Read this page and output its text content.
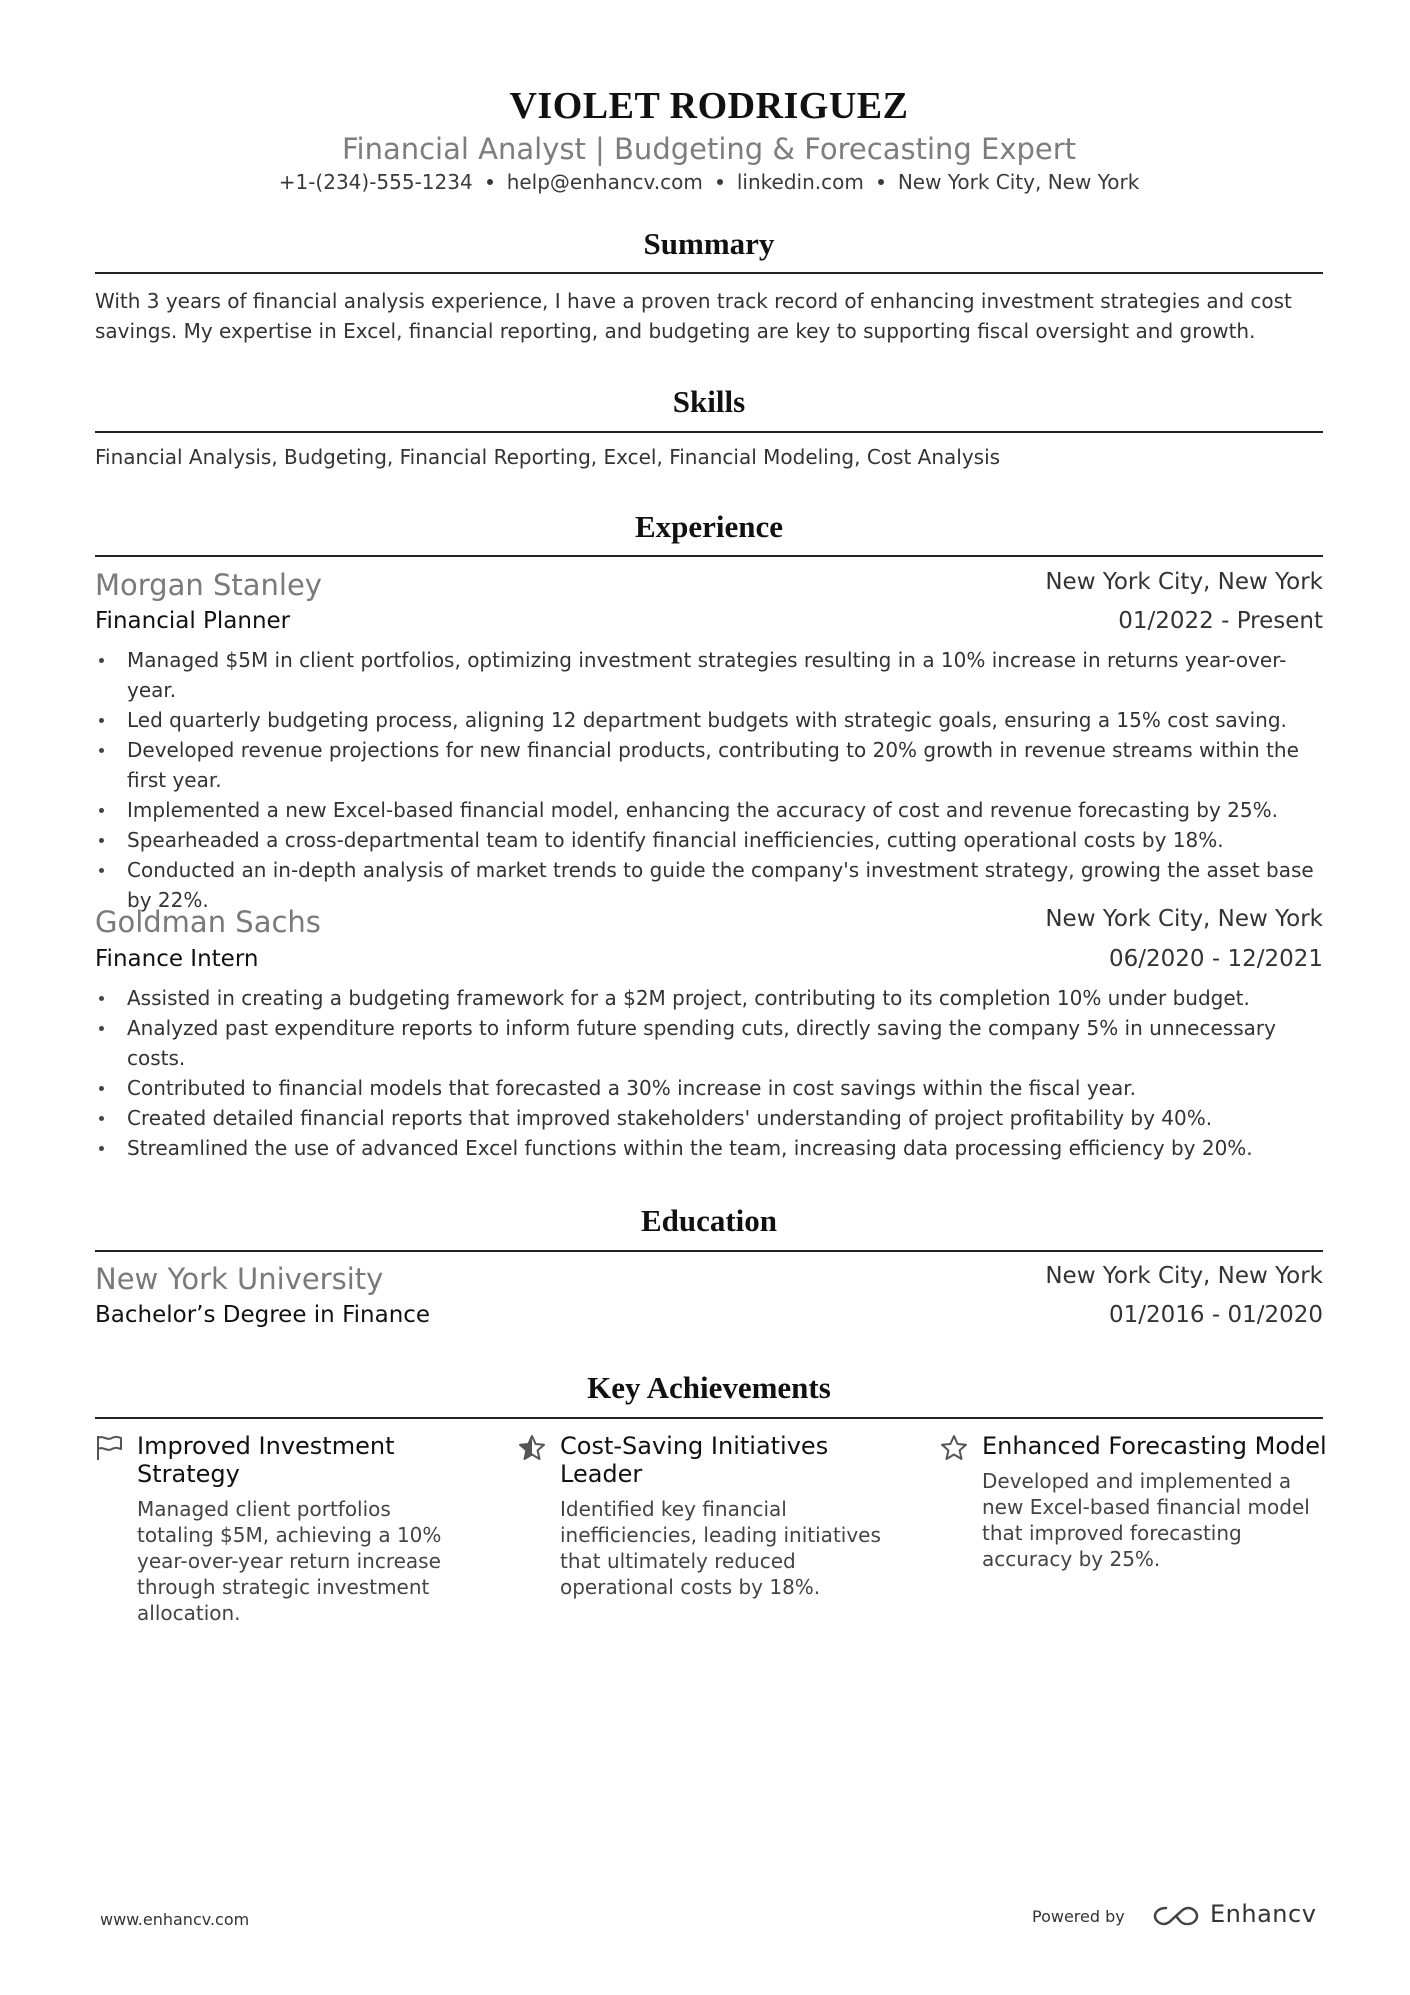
VIOLET RODRIGUEZ
Financial Analyst | Budgeting & Forecasting Expert
+1-(234)-555-1234 help@enhancv.com linkedin.com New York City, New York
Summary
With 3 years of financial analysis experience, I have a proven track record of enhancing investment strategies and cost savings. My expertise in Excel, financial reporting, and budgeting are key to supporting fiscal oversight and growth.
Skills
Financial Analysis, Budgeting, Financial Reporting, Excel, Financial Modeling, Cost Analysis
Experience
Morgan Stanley	New York City, New York
Financial Planner	01/2022 - Present
Managed $5M in client portfolios, optimizing investment strategies resulting in a 10% increase in returns year-over-year.
Led quarterly budgeting process, aligning 12 department budgets with strategic goals, ensuring a 15% cost saving.
Developed revenue projections for new financial products, contributing to 20% growth in revenue streams within the first year.
Implemented a new Excel-based financial model, enhancing the accuracy of cost and revenue forecasting by 25%.
Spearheaded a cross-departmental team to identify financial inefficiencies, cutting operational costs by 18%.
Conducted an in-depth analysis of market trends to guide the company's investment strategy, growing the asset base by 22%.
Goldman Sachs	New York City, New York
Finance Intern	06/2020 - 12/2021
Assisted in creating a budgeting framework for a $2M project, contributing to its completion 10% under budget.
Analyzed past expenditure reports to inform future spending cuts, directly saving the company 5% in unnecessary costs.
Contributed to financial models that forecasted a 30% increase in cost savings within the fiscal year.
Created detailed financial reports that improved stakeholders' understanding of project profitability by 40%.
Streamlined the use of advanced Excel functions within the team, increasing data processing efficiency by 20%.
Education
New York University	New York City, New York
Bachelor’s Degree in Finance	01/2016 - 01/2020
Key Achievements
Improved Investment Strategy
Managed client portfolios totaling $5M, achieving a 10% year-over-year return increase through strategic investment allocation.
Cost-Saving Initiatives Leader
Identified key financial inefficiencies, leading initiatives that ultimately reduced operational costs by 18%.
Enhanced Forecasting Model
Developed and implemented a new Excel-based financial model that improved forecasting accuracy by 25%.
www.enhancv.com	Powered by	Enhancv
